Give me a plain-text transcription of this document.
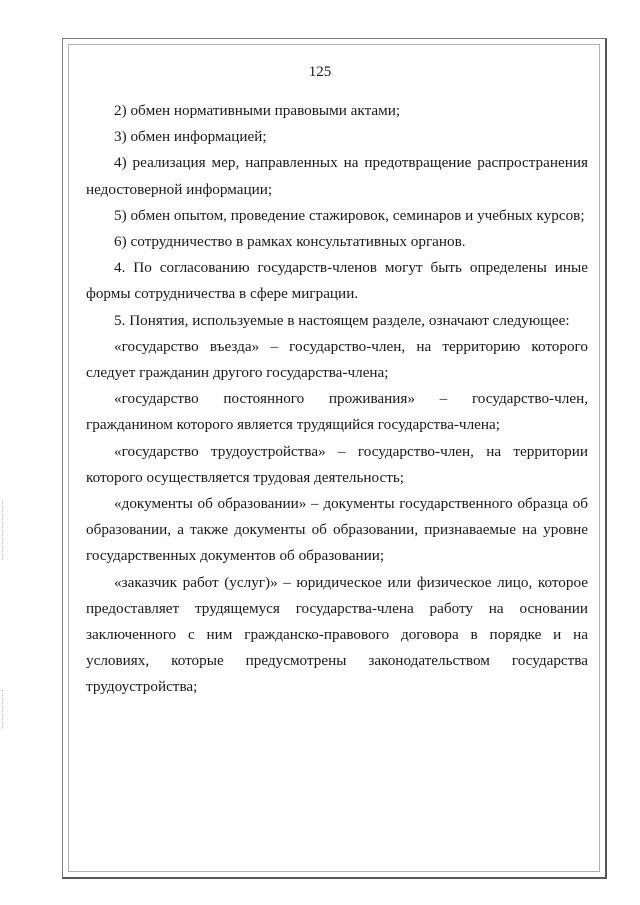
125

2) обмен нормативными правовыми актами;

3) обмен информацией;

4) реализация мер, направленных на предотвращение распространения недостоверной информации;

5) обмен опытом, проведение стажировок, семинаров и учебных курсов;

6) сотрудничество в рамках консультативных органов.

4. По согласованию государств-членов могут быть определены иные формы сотрудничества в сфере миграции.

5. Понятия, используемые в настоящем разделе, означают следующее:

«государство въезда» – государство-член, на территорию которого следует гражданин другого государства-члена;

«государство постоянного проживания» – государство-член, гражданином которого является трудящийся государства-члена;

«государство трудоустройства» – государство-член, на территории которого осуществляется трудовая деятельность;

«документы об образовании» – документы государственного образца об образовании, а также документы об образовании, признаваемые на уровне государственных документов об образовании;

«заказчик работ (услуг)» – юридическое или физическое лицо, которое предоставляет трудящемуся государства-члена работу на основании заключенного с ним гражданско-правового договора в порядке и на условиях, которые предусмотрены законодательством государства трудоустройства;
